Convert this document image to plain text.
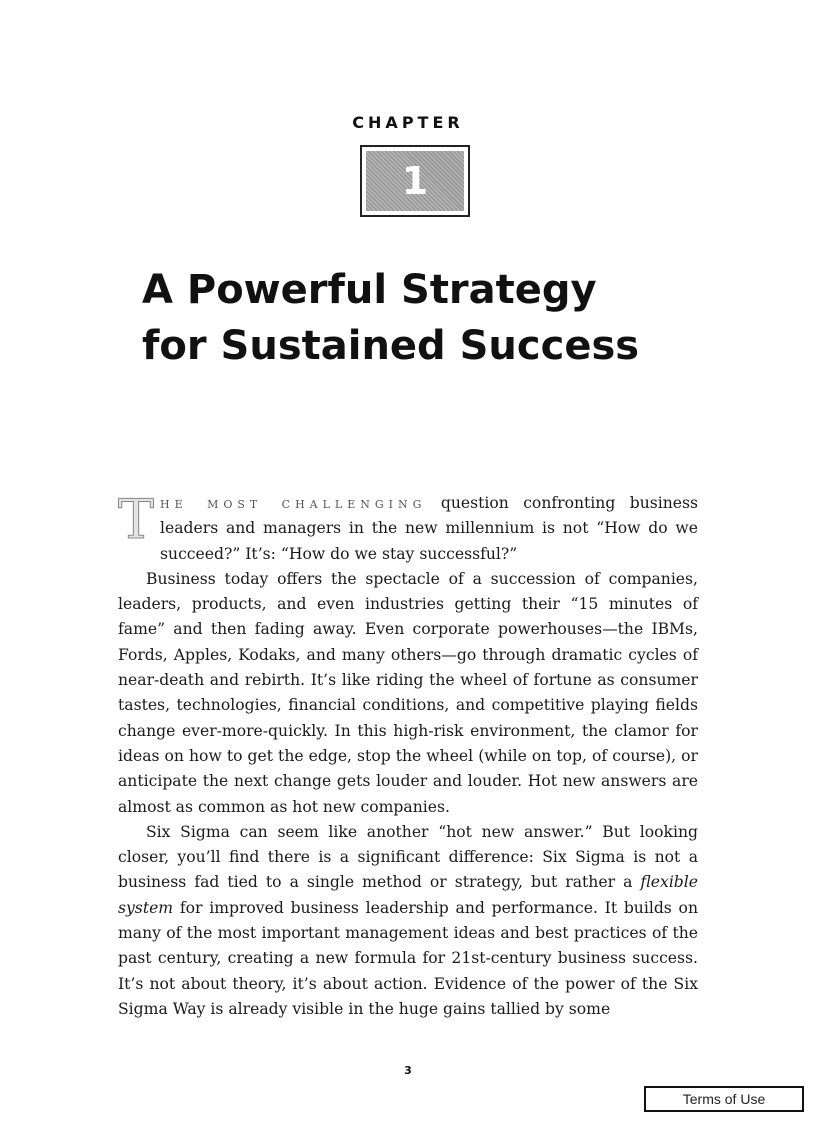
CHAPTER
1
A Powerful Strategy
for Sustained Success

The most challenging question confronting business leaders and managers in the new millennium is not “How do we succeed?” It’s: “How do we stay successful?”

Business today offers the spectacle of a succession of companies, leaders, products, and even industries getting their “15 minutes of fame” and then fading away. Even corporate powerhouses—the IBMs, Fords, Apples, Kodaks, and many others—go through dramatic cycles of near-death and rebirth. It’s like riding the wheel of fortune as consumer tastes, technologies, financial conditions, and competitive playing fields change ever-more-quickly. In this high-risk environment, the clamor for ideas on how to get the edge, stop the wheel (while on top, of course), or anticipate the next change gets louder and louder. Hot new answers are almost as common as hot new companies.

Six Sigma can seem like another “hot new answer.” But looking closer, you’ll find there is a significant difference: Six Sigma is not a business fad tied to a single method or strategy, but rather a flexible system for improved business leadership and performance. It builds on many of the most important management ideas and best practices of the past century, creating a new formula for 21st-century business success. It’s not about theory, it’s about action. Evidence of the power of the Six Sigma Way is already visible in the huge gains tallied by some

3
Terms of Use
